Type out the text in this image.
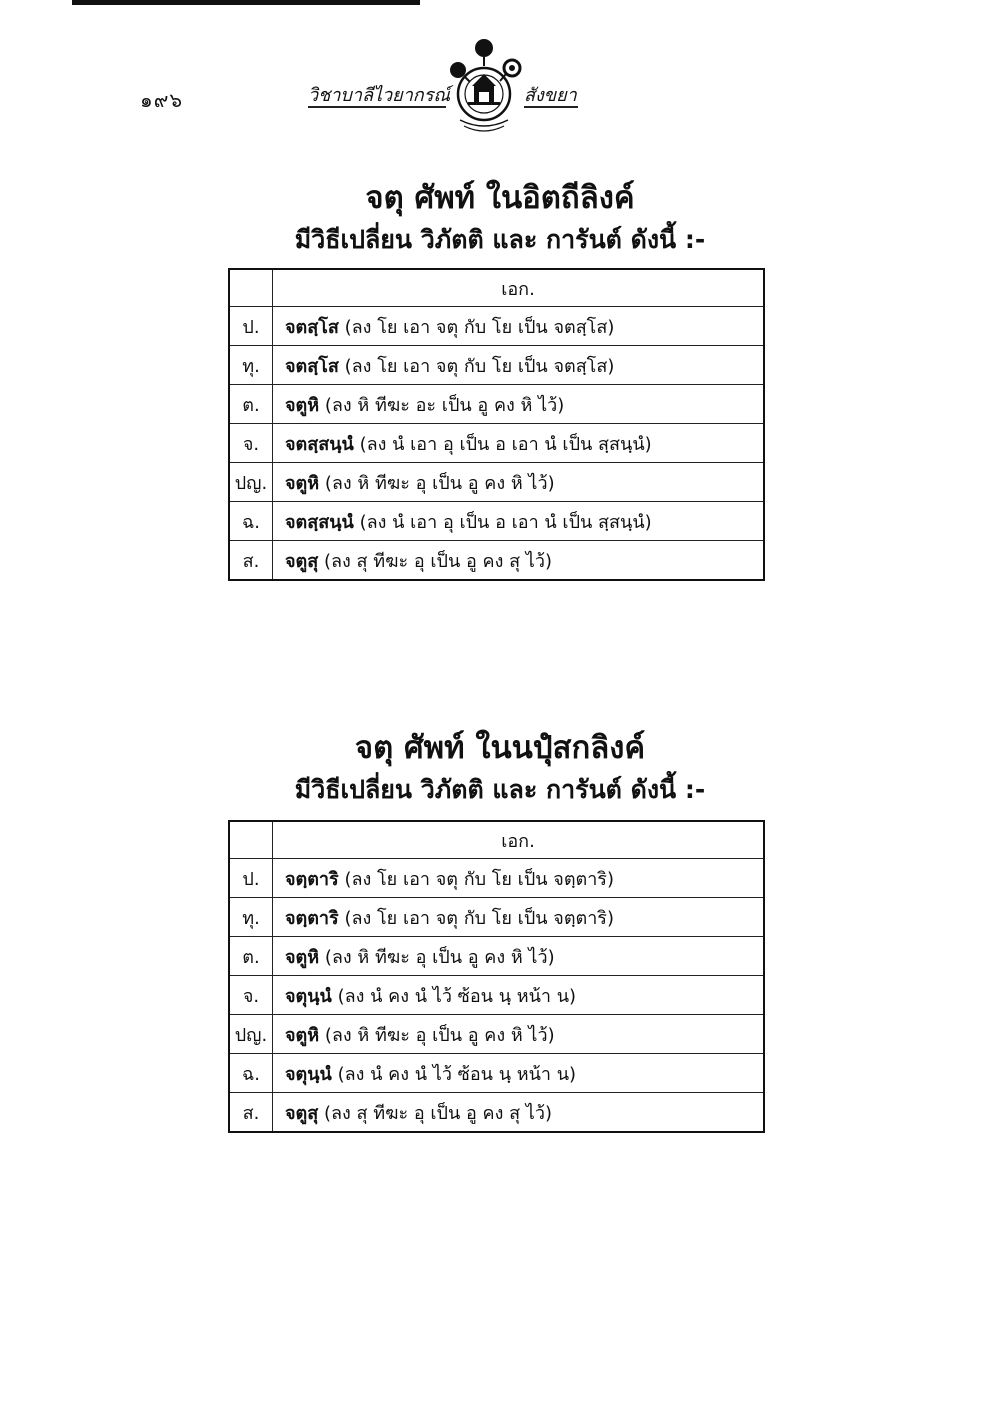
๑๙๖	วิชาบาลีไวยากรณ์	สังขยา
จตุ ศัพท์ ในอิตถีลิงค์
มีวิธีเปลี่ยน วิภัตติ และ การันต์ ดังนี้ :-
	เอก.
ป.	จตสฺโส (ลง โย เอา จตุ กับ โย เป็น จตสฺโส)
ทุ.	จตสฺโส (ลง โย เอา จตุ กับ โย เป็น จตสฺโส)
ต.	จตูหิ (ลง หิ ทีฆะ อะ เป็น อู คง หิ ไว้)
จ.	จตสฺสนฺนํ (ลง นํ เอา อุ เป็น อ เอา นํ เป็น สฺสนฺนํ)
ปญ.	จตูหิ (ลง หิ ทีฆะ อุ เป็น อู คง หิ ไว้)
ฉ.	จตสฺสนฺนํ (ลง นํ เอา อุ เป็น อ เอา นํ เป็น สฺสนฺนํ)
ส.	จตูสุ (ลง สุ ทีฆะ อุ เป็น อู คง สุ ไว้)
จตุ ศัพท์ ในนปุํสกลิงค์
มีวิธีเปลี่ยน วิภัตติ และ การันต์ ดังนี้ :-
	เอก.
ป.	จตฺตาริ (ลง โย เอา จตุ กับ โย เป็น จตฺตาริ)
ทุ.	จตฺตาริ (ลง โย เอา จตุ กับ โย เป็น จตฺตาริ)
ต.	จตูหิ (ลง หิ ทีฆะ อุ เป็น อู คง หิ ไว้)
จ.	จตุนฺนํ (ลง นํ คง นํ ไว้ ซ้อน นฺ หน้า น)
ปญ.	จตูหิ (ลง หิ ทีฆะ อุ เป็น อู คง หิ ไว้)
ฉ.	จตุนฺนํ (ลง นํ คง นํ ไว้ ซ้อน นฺ หน้า น)
ส.	จตูสุ (ลง สุ ทีฆะ อุ เป็น อู คง สุ ไว้)
